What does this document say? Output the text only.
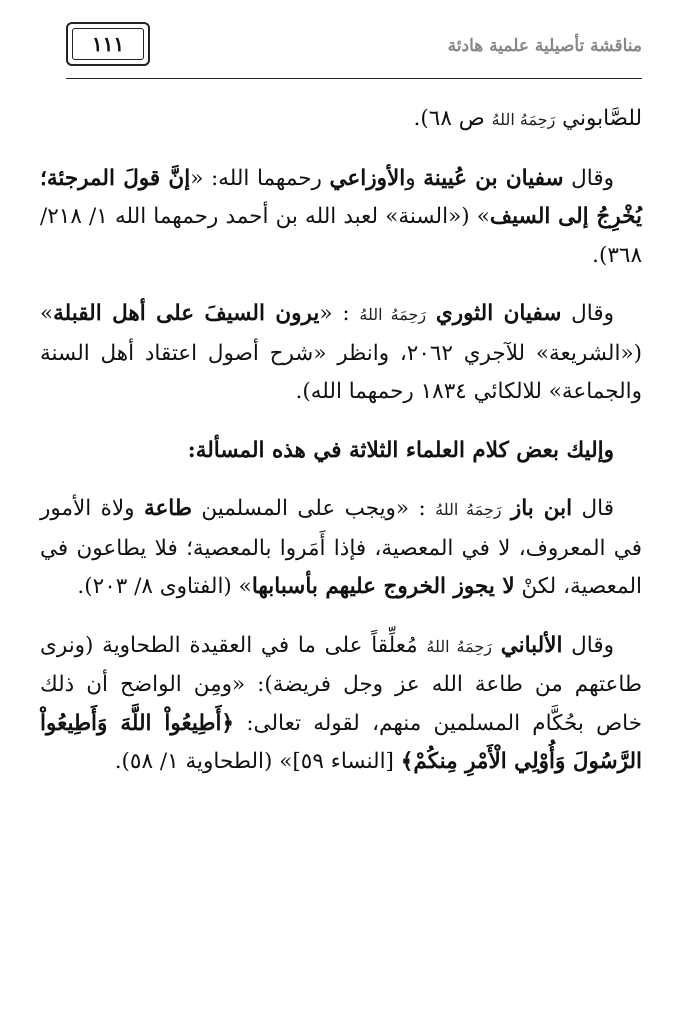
١١١	مناقشة تأصيلية علمية هادئة

للصَّابوني رَحِمَهُ اللهُ ص ٦٨).

وقال سفيان بن عُيينة والأوزاعي رحمهما الله: «إنَّ قولَ المرجئة؛ يُخْرِجُ إلى السيف» («السنة» لعبد الله بن أحمد رحمهما الله ١/ ٢١٨/ ٣٦٨).

وقال سفيان الثوري رَحِمَهُ اللهُ : «يرون السيفَ على أهل القبلة» («الشريعة» للآجري ٢٠٦٢، وانظر «شرح أصول اعتقاد أهل السنة والجماعة» للالكائي ١٨٣٤ رحمهما الله).

وإليك بعض كلام العلماء الثلاثة في هذه المسألة:

قال ابن باز رَحِمَهُ اللهُ : «ويجب على المسلمين طاعة ولاة الأمور في المعروف، لا في المعصية، فإذا أَمَروا بالمعصية؛ فلا يطاعون في المعصية، لكنْ لا يجوز الخروج عليهم بأسبابها» (الفتاوى ٨/ ٢٠٣).

وقال الألباني رَحِمَهُ اللهُ مُعلِّقاً على ما في العقيدة الطحاوية (ونرى طاعتهم من طاعة الله عز وجل فريضة): «ومِن الواضح أن ذلك خاص بحُكَّام المسلمين منهم، لقوله تعالى: ﴿أَطِيعُواْ اللَّهَ وَأَطِيعُواْ الرَّسُولَ وَأُوْلِي الْأَمْرِ مِنكُمْ﴾ [النساء ٥٩]» (الطحاوية ١/ ٥٨).
